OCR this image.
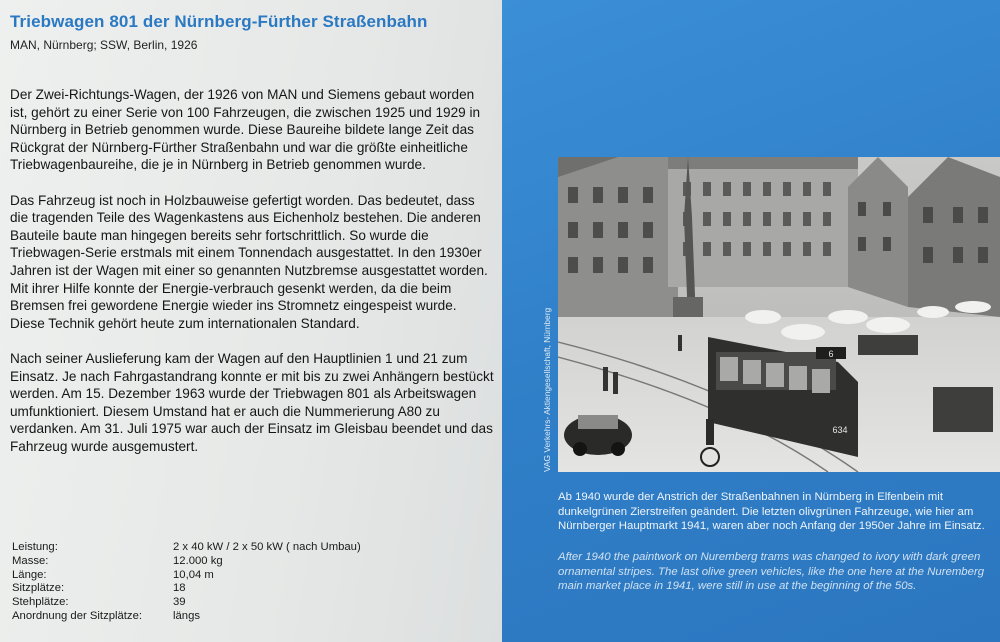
Triebwagen 801 der Nürnberg-Fürther Straßenbahn
MAN, Nürnberg; SSW, Berlin, 1926

Der Zwei-Richtungs-Wagen, der 1926 von MAN und Siemens gebaut worden ist, gehört zu einer Serie von 100 Fahrzeugen, die zwischen 1925 und 1929 in Nürnberg in Betrieb genommen wurde. Diese Baureihe bildete lange Zeit das Rückgrat der Nürnberg-Fürther Straßenbahn und war die größte einheitliche Triebwagenbaureihe, die je in Nürnberg in Betrieb genommen wurde.

Das Fahrzeug ist noch in Holzbauweise gefertigt worden. Das bedeutet, dass die tragenden Teile des Wagenkastens aus Eichenholz bestehen. Die anderen Bauteile baute man hingegen bereits sehr fortschrittlich. So wurde die Triebwagen-Serie erstmals mit einem Tonnendach ausgestattet. In den 1930er Jahren ist der Wagen mit einer so genannten Nutzbremse ausgestattet worden. Mit ihrer Hilfe konnte der Energie-verbrauch gesenkt werden, da die beim Bremsen frei gewordene Energie wieder ins Stromnetz eingespeist wurde. Diese Technik gehört heute zum internationalen Standard.

Nach seiner Auslieferung kam der Wagen auf den Hauptlinien 1 und 21 zum Einsatz. Je nach Fahrgastandrang konnte er mit bis zu zwei Anhängern bestückt werden. Am 15. Dezember 1963 wurde der Triebwagen 801 als Arbeitswagen umfunktioniert. Diesem Umstand hat er auch die Nummerierung A80 zu verdanken. Am 31. Juli 1975 war auch der Einsatz im Gleisbau beendet und das Fahrzeug wurde ausgemustert.

Leistung:	2 x 40 kW / 2 x 50 kW ( nach Umbau)
Masse:	12.000 kg
Länge:	10,04 m
Sitzplätze:	18
Stehplätze:	39
Anordnung der Sitzplätze:	längs
6
634
VAG Verkehrs- Aktiengesellschaft, Nürnberg
Ab 1940 wurde der Anstrich der Straßenbahnen in Nürnberg in Elfenbein mit dunkelgrünen Zierstreifen geändert. Die letzten olivgrünen Fahrzeuge, wie hier am Nürnberger Hauptmarkt 1941, waren aber noch Anfang der 1950er Jahre im Einsatz.
After 1940 the paintwork on Nuremberg trams was changed to ivory with dark green ornamental stripes. The last olive green vehicles, like the one here at the Nuremberg main market place in 1941, were still in use at the beginning of the 50s.
